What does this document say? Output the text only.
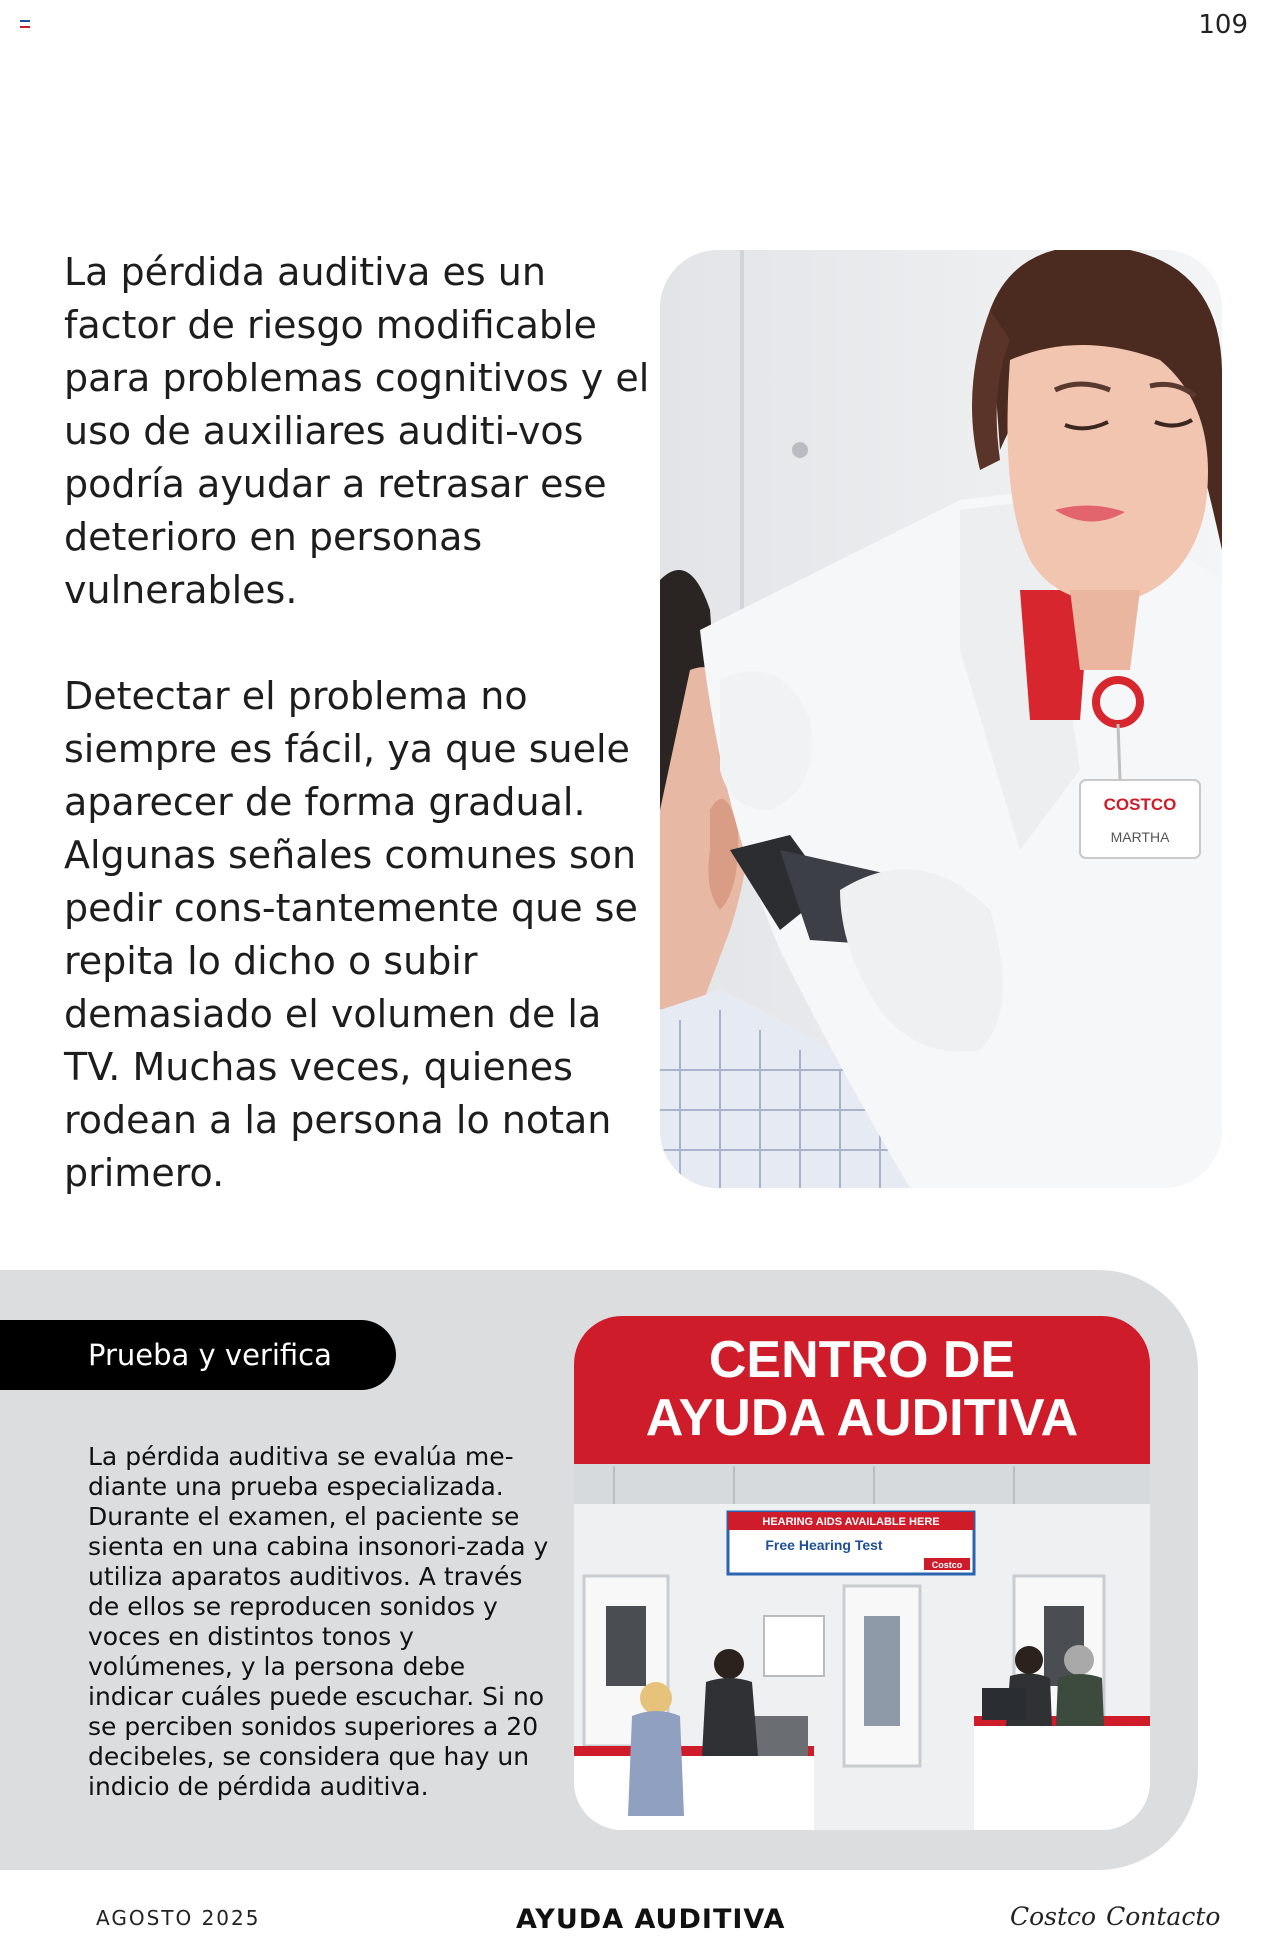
109

La pérdida auditiva es un factor de riesgo modificable para problemas cognitivos y el uso de auxiliares auditi-vos podría ayudar a retrasar ese deterioro en personas vulnerables.

Detectar el problema no siempre es fácil, ya que suele aparecer de forma gradual. Algunas señales comunes son pedir cons-tantemente que se repita lo dicho o subir demasiado el volumen de la TV. Muchas veces, quienes rodean a la persona lo notan primero.

COSTCO
MARTHA
Prueba y verifica
La pérdida auditiva se evalúa me-diante una prueba especializada. Durante el examen, el paciente se sienta en una cabina insonori-zada y utiliza aparatos auditivos. A través de ellos se reproducen sonidos y voces en distintos tonos y volúmenes, y la persona debe indicar cuáles puede escuchar. Si no se perciben sonidos superiores a 20 decibeles, se considera que hay un indicio de pérdida auditiva.
HEARING AIDS AVAILABLE HERE
Free Hearing Test
Costco
CENTRO DE
AYUDA AUDITIVA
AGOSTO 2025	AYUDA AUDITIVA	Costco Contacto
